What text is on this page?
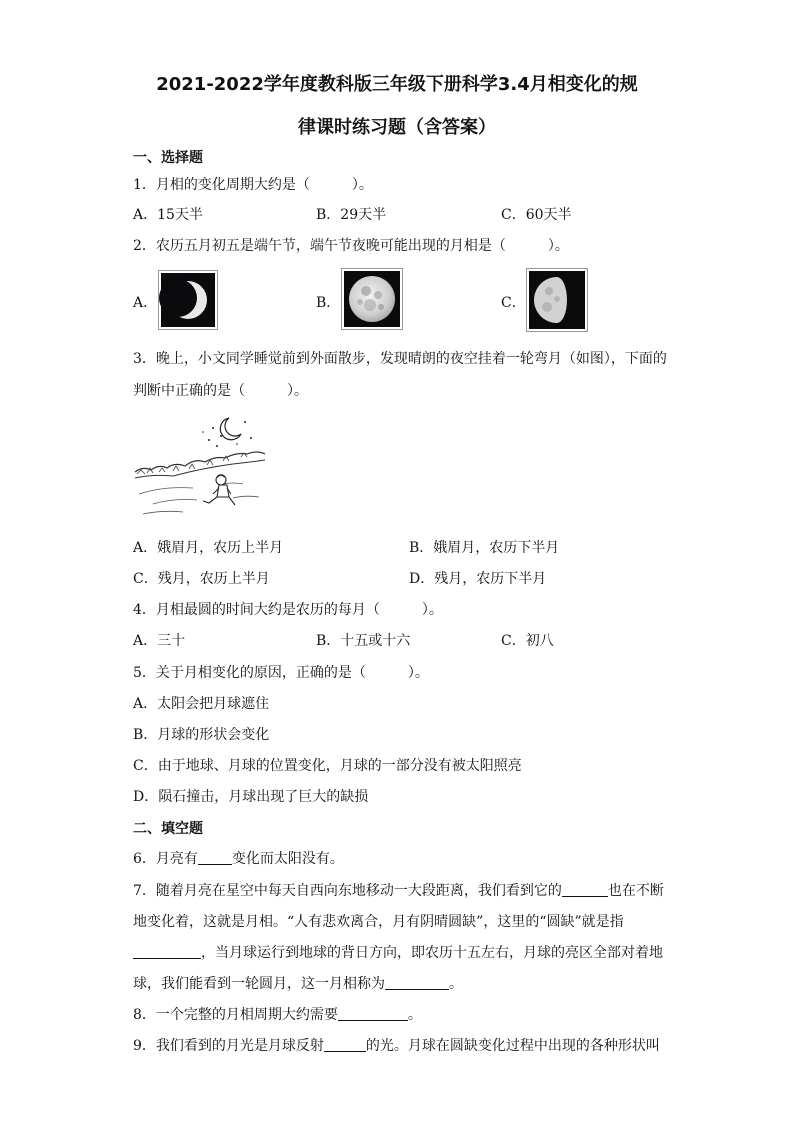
2021-2022学年度教科版三年级下册科学3.4月相变化的规
律课时练习题（含答案）
一、选择题
1．月相的变化周期大约是（　　　）。
A．15天半	B．29天半	C．60天半
2．农历五月初五是端午节，端午节夜晚可能出现的月相是（　　　）。
A．	B．	C．
3．晚上，小文同学睡觉前到外面散步，发现晴朗的夜空挂着一轮弯月（如图），下面的
判断中正确的是（　　　）。
A．娥眉月，农历上半月	B．娥眉月，农历下半月
C．残月，农历上半月	D．残月，农历下半月
4．月相最圆的时间大约是农历的每月（　　　）。
A．三十	B．十五或十六	C．初八
5．关于月相变化的原因，正确的是（　　　）。
A．太阳会把月球遮住
B．月球的形状会变化
C．由于地球、月球的位置变化，月球的一部分没有被太阳照亮
D．陨石撞击，月球出现了巨大的缺损
二、填空题
6．月亮有 变化而太阳没有。
7．随着月亮在星空中每天自西向东地移动一大段距离，我们看到它的	也在不断
地变化着，这就是月相。“人有悲欢离合，月有阴晴圆缺”，这里的“圆缺”就是指
，当月球运行到地球的背日方向，即农历十五左右，月球的亮区全部对着地
球，我们能看到一轮圆月，这一月相称为	。
8．一个完整的月相周期大约需要	。
9．我们看到的月光是月球反射	的光。月球在圆缺变化过程中出现的各种形状叫
